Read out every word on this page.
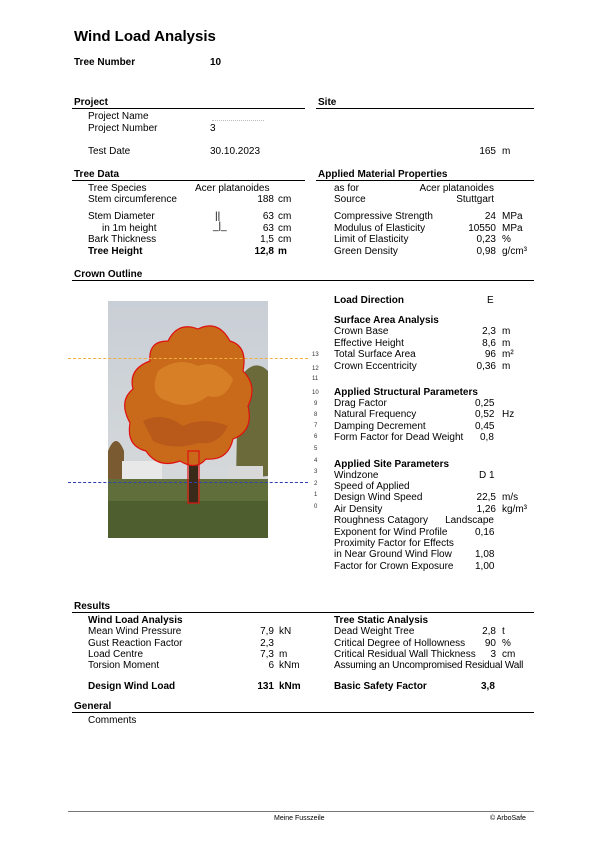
Wind Load Analysis
Tree Number	10
Project	Site
Project Name
Project Number	3
Test Date	30.10.2023	165 m
Tree Data
Tree Species	Acer platanoides
Stem circumference	188 cm
Stem Diameter	||	63 cm
in 1m height	_|_	63 cm
Bark Thickness	1,5 cm
Tree Height	12,8 m
Applied Material Properties
as for	Acer platanoides
Source	Stuttgart
Compressive Strength	24 MPa
Modulus of Elasticity	10550 MPa
Limit of Elasticity	0,23 %
Green Density	0,98 g/cm³
Crown Outline
13
12
11
10
9
8
7
6
5
4
3
2
1
0
Load Direction	E
Surface Area Analysis
Crown Base	2,3 m
Effective Height	8,6 m
Total Surface Area	96 m²
Crown Eccentricity	0,36 m
Applied Structural Parameters
Drag Factor	0,25
Natural Frequency	0,52 Hz
Damping Decrement	0,45
Form Factor for Dead Weight 0,8
Applied Site Parameters
Windzone	D 1
Speed of Applied
Design Wind Speed	22,5 m/s
Air Density	1,26 kg/m³
Roughness Catagory	Landscape
Exponent for Wind Profile	0,16
Proximity Factor for Effects
in Near Ground Wind Flow 1,08
Factor for Crown Exposure 1,00
Results
Wind Load Analysis
Mean Wind Pressure	7,9 kN
Gust Reaction Factor	2,3
Load Centre	7,3 m
Torsion Moment	6 kNm
Design Wind Load	131 kNm
Tree Static Analysis
Dead Weight Tree	2,8 t
Critical Degree of Hollowness	90 %
Critical Residual Wall Thickness	3 cm
Assuming an Uncompromised Residual Wall
Basic Safety Factor	3,8
General
Comments
Meine Fusszeile	© ArboSafe
